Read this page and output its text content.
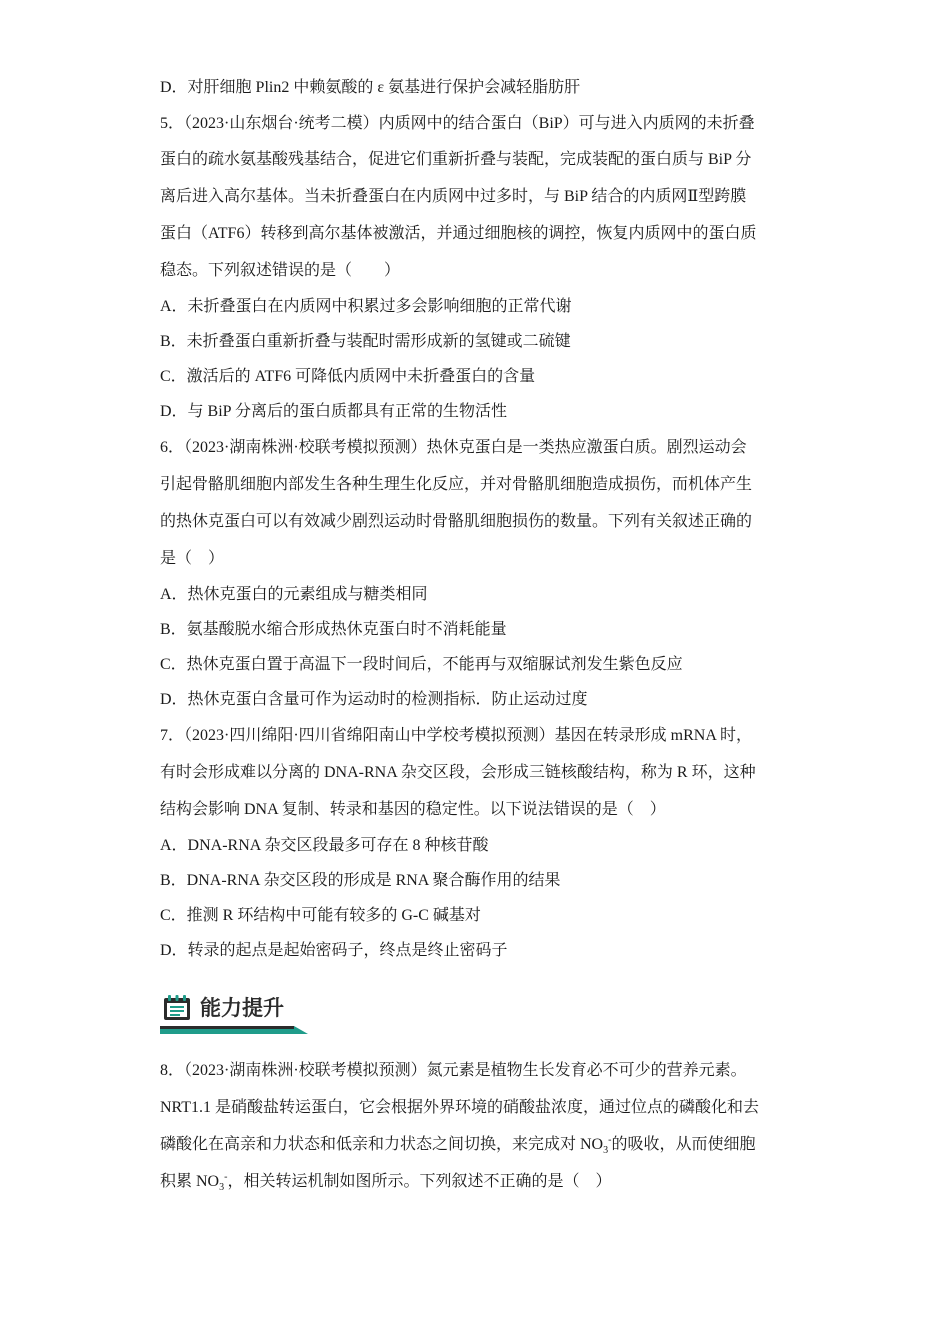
D．对肝细胞 Plin2 中赖氨酸的 ε 氨基进行保护会减轻脂肪肝
5．（2023·山东烟台·统考二模）内质网中的结合蛋白（BiP）可与进入内质网的未折叠
蛋白的疏水氨基酸残基结合，促进它们重新折叠与装配，完成装配的蛋白质与 BiP 分
离后进入高尔基体。当未折叠蛋白在内质网中过多时，与 BiP 结合的内质网Ⅱ型跨膜
蛋白（ATF6）转移到高尔基体被激活，并通过细胞核的调控，恢复内质网中的蛋白质
稳态。下列叙述错误的是（　　）
A．未折叠蛋白在内质网中积累过多会影响细胞的正常代谢
B．未折叠蛋白重新折叠与装配时需形成新的氢键或二硫键
C．激活后的 ATF6 可降低内质网中未折叠蛋白的含量
D．与 BiP 分离后的蛋白质都具有正常的生物活性
6．（2023·湖南株洲·校联考模拟预测）热休克蛋白是一类热应激蛋白质。剧烈运动会
引起骨骼肌细胞内部发生各种生理生化反应，并对骨骼肌细胞造成损伤，而机体产生
的热休克蛋白可以有效减少剧烈运动时骨骼肌细胞损伤的数量。下列有关叙述正确的
是（　）
A．热休克蛋白的元素组成与糖类相同
B．氨基酸脱水缩合形成热休克蛋白时不消耗能量
C．热休克蛋白置于高温下一段时间后，不能再与双缩脲试剂发生紫色反应
D．热休克蛋白含量可作为运动时的检测指标．防止运动过度
7．（2023·四川绵阳·四川省绵阳南山中学校考模拟预测）基因在转录形成 mRNA 时，
有时会形成难以分离的 DNA-RNA 杂交区段，会形成三链核酸结构，称为 R 环，这种
结构会影响 DNA 复制、转录和基因的稳定性。以下说法错误的是（　）
A．DNA-RNA 杂交区段最多可存在 8 种核苷酸
B．DNA-RNA 杂交区段的形成是 RNA 聚合酶作用的结果
C．推测 R 环结构中可能有较多的 G-C 碱基对
D．转录的起点是起始密码子，终点是终止密码子
能力提升
8．（2023·湖南株洲·校联考模拟预测）氮元素是植物生长发育必不可少的营养元素。
NRT1.1 是硝酸盐转运蛋白，它会根据外界环境的硝酸盐浓度，通过位点的磷酸化和去
磷酸化在高亲和力状态和低亲和力状态之间切换，来完成对 $NO_3^-$的吸收，从而使细胞
积累 $NO_3^-$，相关转运机制如图所示。下列叙述不正确的是（　）
